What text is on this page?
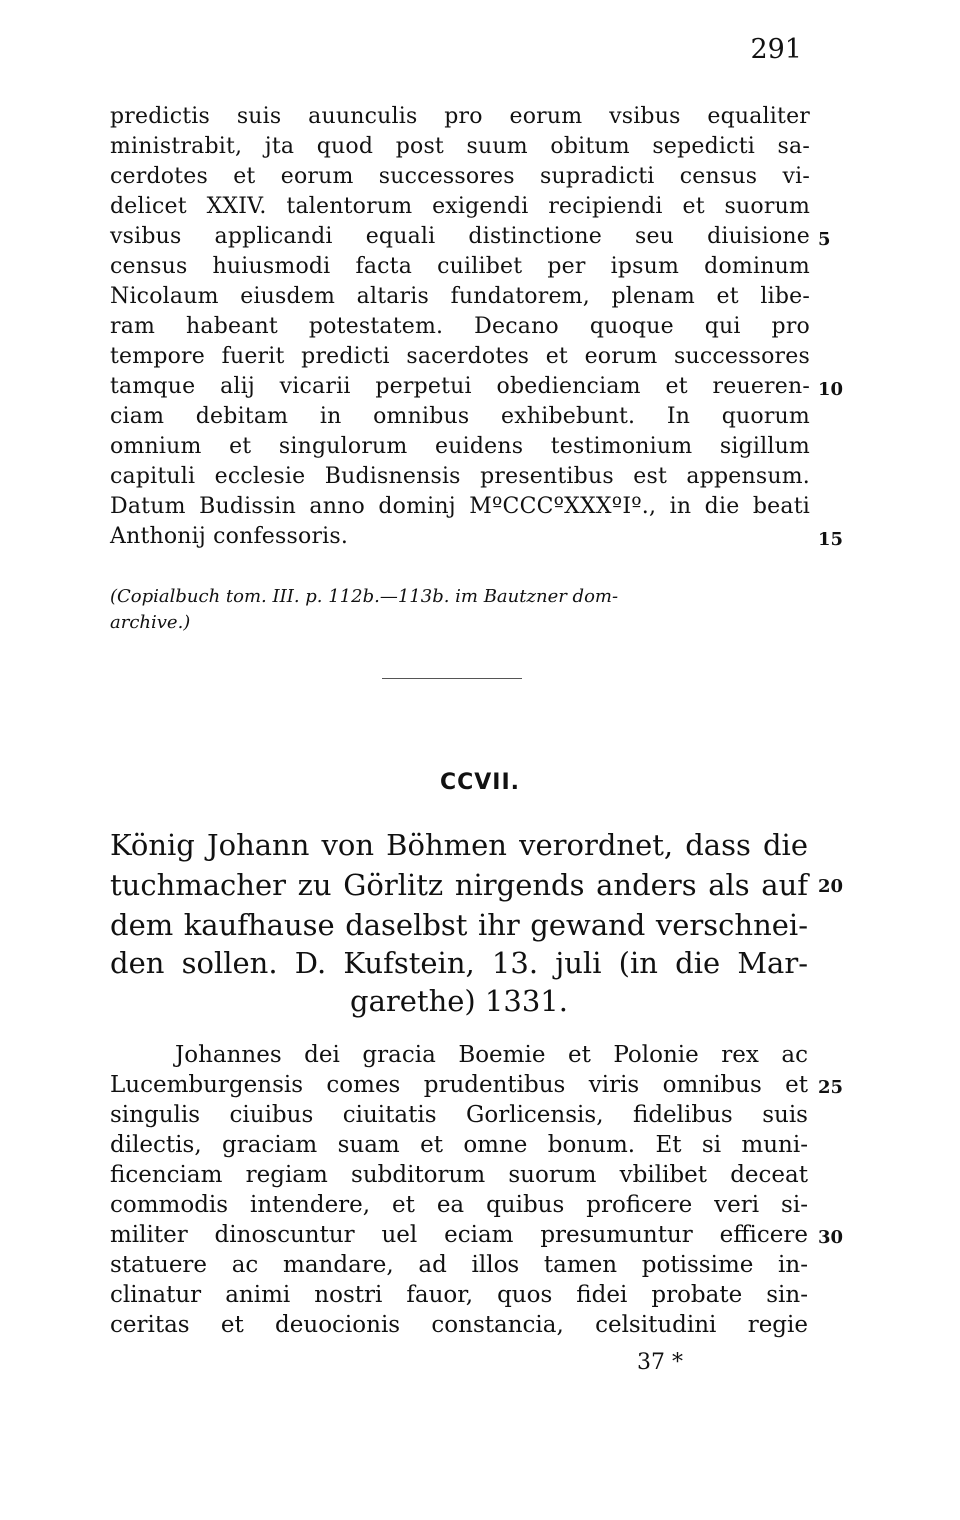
291
predictis suis auunculis pro eorum vsibus equaliter
ministrabit, jta quod post suum obitum sepedicti sa-
cerdotes et eorum successores supradicti census vi-
delicet XXIV. talentorum exigendi recipiendi et suorum
vsibus applicandi equali distinctione seu diuisione
census huiusmodi facta cuilibet per ipsum dominum
Nicolaum eiusdem altaris fundatorem, plenam et libe-
ram habeant potestatem. Decano quoque qui pro
tempore fuerit predicti sacerdotes et eorum successores
tamque alij vicarii perpetui obedienciam et reueren-
ciam debitam in omnibus exhibebunt. In quorum
omnium et singulorum euidens testimonium sigillum
capituli ecclesie Budisnensis presentibus est appensum.
Datum Budissin anno dominj MºCCCºXXXºIº., in die beati
Anthonij confessoris.
5
10
15
(Copialbuch tom. III. p. 112b.—113b. im Bautzner dom-
archive.)
CCVII.
König Johann von Böhmen verordnet, dass die
tuchmacher zu Görlitz nirgends anders als auf
dem kaufhause daselbst ihr gewand verschnei-
den sollen. D. Kufstein, 13. juli (in die Mar-
garethe) 1331.
20
Johannes dei gracia Boemie et Polonie rex ac
Lucemburgensis comes prudentibus viris omnibus et
singulis ciuibus ciuitatis Gorlicensis, fidelibus suis
dilectis, graciam suam et omne bonum. Et si muni-
ficenciam regiam subditorum suorum vbilibet deceat
commodis intendere, et ea quibus proficere veri si-
militer dinoscuntur uel eciam presumuntur efficere
statuere ac mandare, ad illos tamen potissime in-
clinatur animi nostri fauor, quos fidei probate sin-
ceritas et deuocionis constancia, celsitudini regie
25
30
37 *
